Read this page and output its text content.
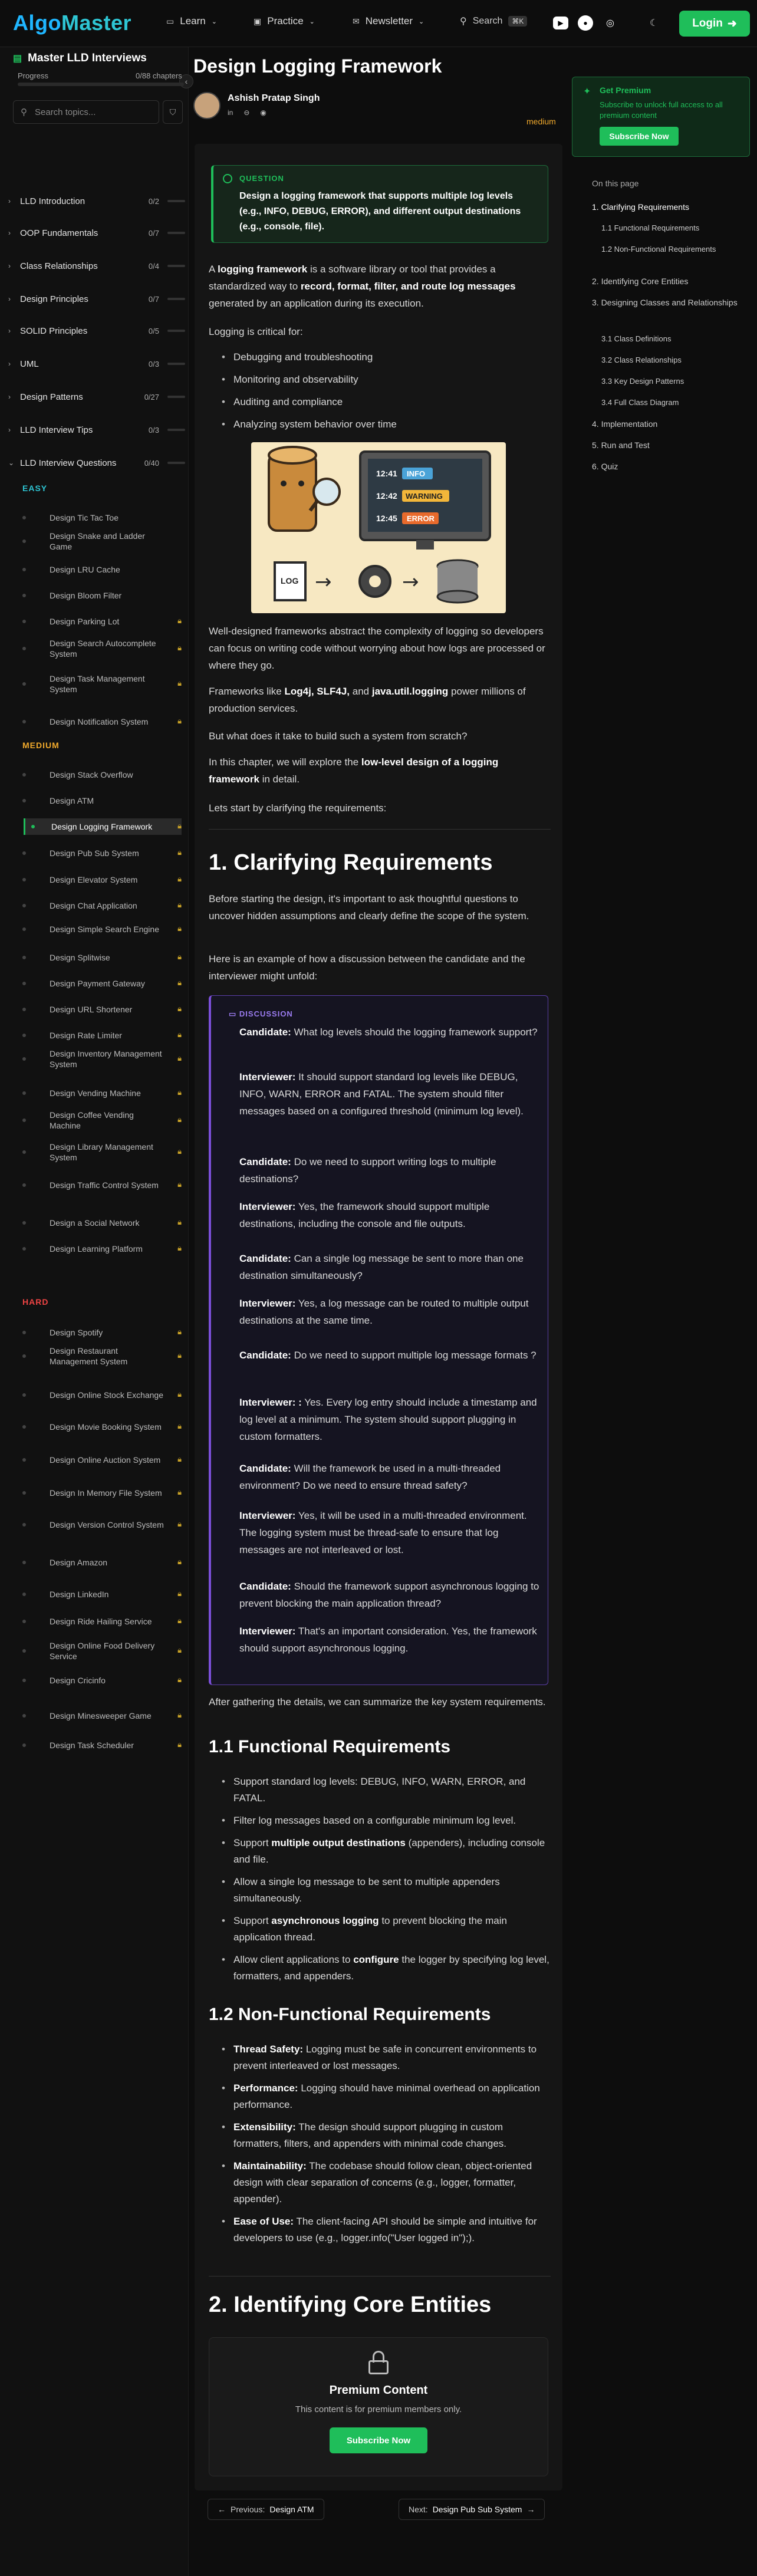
AlgoMaster	▭ Learn ⌄	▣ Practice ⌄	✉ Newsletter ⌄	⚲ Search	⌘K	▶	●	◎	☾	Login ➜
‹
▤ Master LLD Interviews
Progress	0/88 chapters
⚲ Search topics...	⛉
›	LLD Introduction	0/2
›	OOP Fundamentals	0/7
›	Class Relationships	0/4
›	Design Principles	0/7
›	SOLID Principles	0/5
›	UML	0/3
›	Design Patterns	0/27
›	LLD Interview Tips	0/3
⌄ LLD Interview Questions	0/40
EASY
MEDIUM
HARD
Design Tic Tac Toe
Design Snake and Ladder Game
Design LRU Cache
Design Bloom Filter
Design Parking Lot	🔒︎
Design Search Autocomplete System
🔒︎
Design Task Management System
🔒︎
Design Notification System	🔒︎
Design Stack Overflow
Design ATM
Design Logging Framework	🔒︎
Design Pub Sub System	🔒︎
Design Elevator System	🔒︎
Design Chat Application	🔒︎
Design Simple Search Engine	🔒︎
Design Splitwise	🔒︎
Design Payment Gateway	🔒︎
Design URL Shortener	🔒︎
Design Rate Limiter	🔒︎
Design Inventory Management System
🔒︎
Design Vending Machine	🔒︎
Design Coffee Vending Machine
🔒︎
Design Library Management System
🔒︎
Design Traffic Control System	🔒︎
Design a Social Network	🔒︎
Design Learning Platform	🔒︎
Design Spotify	🔒︎
Design Restaurant Management System
🔒︎
Design Online Stock Exchange	🔒︎
Design Movie Booking System	🔒︎
Design Online Auction System	🔒︎
Design In Memory File System	🔒︎
Design Version Control System	🔒︎
Design Amazon	🔒︎
Design LinkedIn	🔒︎
Design Ride Hailing Service	🔒︎
Design Online Food Delivery Service
🔒︎
Design Cricinfo	🔒︎
Design Minesweeper Game	🔒︎
Design Task Scheduler	🔒︎
Design Logging Framework
Ashish Pratap Singh
in ⊖ ◉
medium
QUESTION
Design a logging framework that supports multiple log levels (e.g., INFO, DEBUG, ERROR), and different output destinations (e.g., console, file).

A logging framework is a software library or tool that provides a standardized way to record, format, filter, and route log messages generated by an application during its execution.

Logging is critical for:

• Debugging and troubleshooting
• Monitoring and observability
• Auditing and compliance
• Analyzing system behavior over time
12:41 INFO
12:42 WARNING
12:45 ERROR
LOG →	→

Well-designed frameworks abstract the complexity of logging so developers can focus on writing code without worrying about how logs are processed or where they go.

Frameworks like Log4j, SLF4J, and java.util.logging power millions of production services.

But what does it take to build such a system from scratch?

In this chapter, we will explore the low-level design of a logging framework in detail.

Lets start by clarifying the requirements:

1. Clarifying Requirements

Before starting the design, it's important to ask thoughtful questions to uncover hidden assumptions and clearly define the scope of the system.

Here is an example of how a discussion between the candidate and the interviewer might unfold:

▭ DISCUSSION

Candidate: What log levels should the logging framework support?

Interviewer: It should support standard log levels like DEBUG, INFO, WARN, ERROR and FATAL. The system should filter messages based on a configured threshold (minimum log level).

Candidate: Do we need to support writing logs to multiple destinations?

Interviewer: Yes, the framework should support multiple destinations, including the console and file outputs.

Candidate: Can a single log message be sent to more than one destination simultaneously?

Interviewer: Yes, a log message can be routed to multiple output destinations at the same time.

Candidate: Do we need to support multiple log message formats ?

Interviewer: : Yes. Every log entry should include a timestamp and log level at a minimum. The system should support plugging in custom formatters.

Candidate: Will the framework be used in a multi-threaded environment? Do we need to ensure thread safety?

Interviewer: Yes, it will be used in a multi-threaded environment. The logging system must be thread-safe to ensure that log messages are not interleaved or lost.

Candidate: Should the framework support asynchronous logging to prevent blocking the main application thread?

Interviewer: That's an important consideration. Yes, the framework should support asynchronous logging.

After gathering the details, we can summarize the key system requirements.

1.1 Functional Requirements
• Support standard log levels: DEBUG, INFO, WARN, ERROR, and FATAL.
• Filter log messages based on a configurable minimum log level.
• Support multiple output destinations (appenders), including console and file.
• Allow a single log message to be sent to multiple appenders simultaneously.
• Support asynchronous logging to prevent blocking the main application thread.
• Allow client applications to configure the logger by specifying log level, formatters, and appenders.
1.2 Non-Functional Requirements
• Thread Safety: Logging must be safe in concurrent environments to prevent interleaved or lost messages.
• Performance: Logging should have minimal overhead on application performance.
• Extensibility: The design should support plugging in custom formatters, filters, and appenders with minimal code changes.
• Maintainability: The codebase should follow clean, object-oriented design with clear separation of concerns (e.g., logger, formatter, appender).
• Ease of Use: The client-facing API should be simple and intuitive for developers to use (e.g., logger.info("User logged in");).
2. Identifying Core Entities
Premium Content
This content is for premium members only.
Subscribe Now
← Previous: Design ATM	Next: Design Pub Sub System →
✦ Get Premium
Subscribe to unlock full access to all premium content
Subscribe Now
On this page
1. Clarifying Requirements
1.1 Functional Requirements
1.2 Non-Functional Requirements
2. Identifying Core Entities
3. Designing Classes and Relationships
3.1 Class Definitions
3.2 Class Relationships
3.3 Key Design Patterns
3.4 Full Class Diagram
4. Implementation
5. Run and Test
6. Quiz
